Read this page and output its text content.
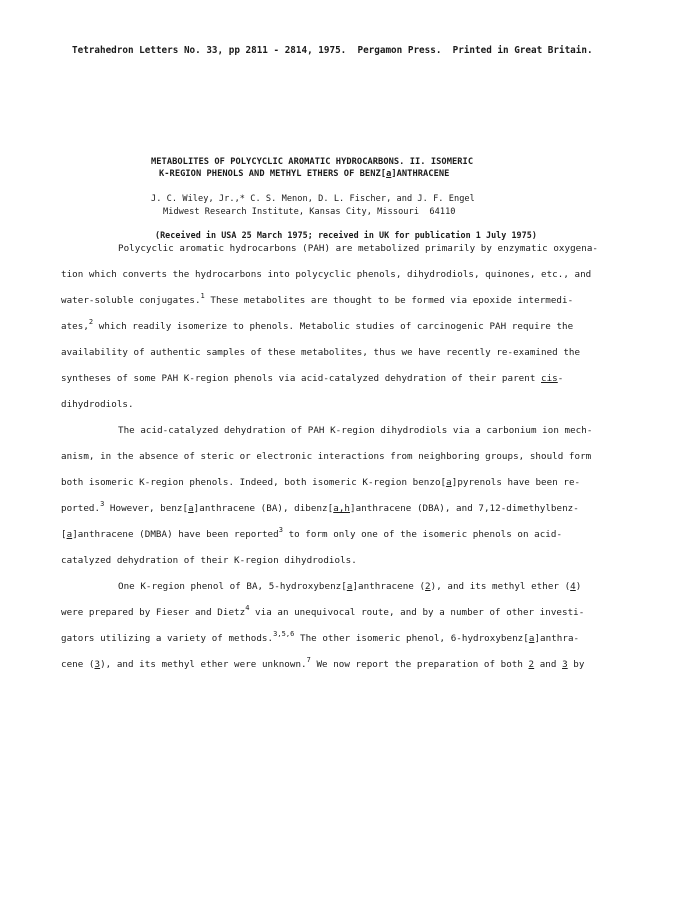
Tetrahedron Letters No. 33, pp 2811 - 2814, 1975. Pergamon Press. Printed in Great Britain.
METABOLITES OF POLYCYCLIC AROMATIC HYDROCARBONS. II. ISOMERIC
K-REGION PHENOLS AND METHYL ETHERS OF BENZ[a]ANTHRACENE
J. C. Wiley, Jr.,* C. S. Menon, D. L. Fischer, and J. F. Engel
Midwest Research Institute, Kansas City, Missouri  64110
(Received in USA 25 March 1975; received in UK for publication 1 July 1975)
Polycyclic aromatic hydrocarbons (PAH) are metabolized primarily by enzymatic oxygena-
tion which converts the hydrocarbons into polycyclic phenols, dihydrodiols, quinones, etc., and
water-soluble conjugates.$^1$ These metabolites are thought to be formed via epoxide intermedi-
ates,$^2$ which readily isomerize to phenols. Metabolic studies of carcinogenic PAH require the
availability of authentic samples of these metabolites, thus we have recently re-examined the
syntheses of some PAH K-region phenols via acid-catalyzed dehydration of their parent cis-
dihydrodiols.
The acid-catalyzed dehydration of PAH K-region dihydrodiols via a carbonium ion mech-
anism, in the absence of steric or electronic interactions from neighboring groups, should form
both isomeric K-region phenols. Indeed, both isomeric K-region benzo[a]pyrenols have been re-
ported.$^3$ However, benz[a]anthracene (BA), dibenz[a,h]anthracene (DBA), and 7,12-dimethylbenz-
[a]anthracene (DMBA) have been reported$^3$ to form only one of the isomeric phenols on acid-
catalyzed dehydration of their K-region dihydrodiols.
One K-region phenol of BA, 5-hydroxybenz[a]anthracene (2), and its methyl ether (4)
were prepared by Fieser and Dietz$^4$ via an unequivocal route, and by a number of other investi-
gators utilizing a variety of methods.$^{3,5,6}$ The other isomeric phenol, 6-hydroxybenz[a]anthra-
cene (3), and its methyl ether were unknown.$^7$ We now report the preparation of both 2 and 3 by
